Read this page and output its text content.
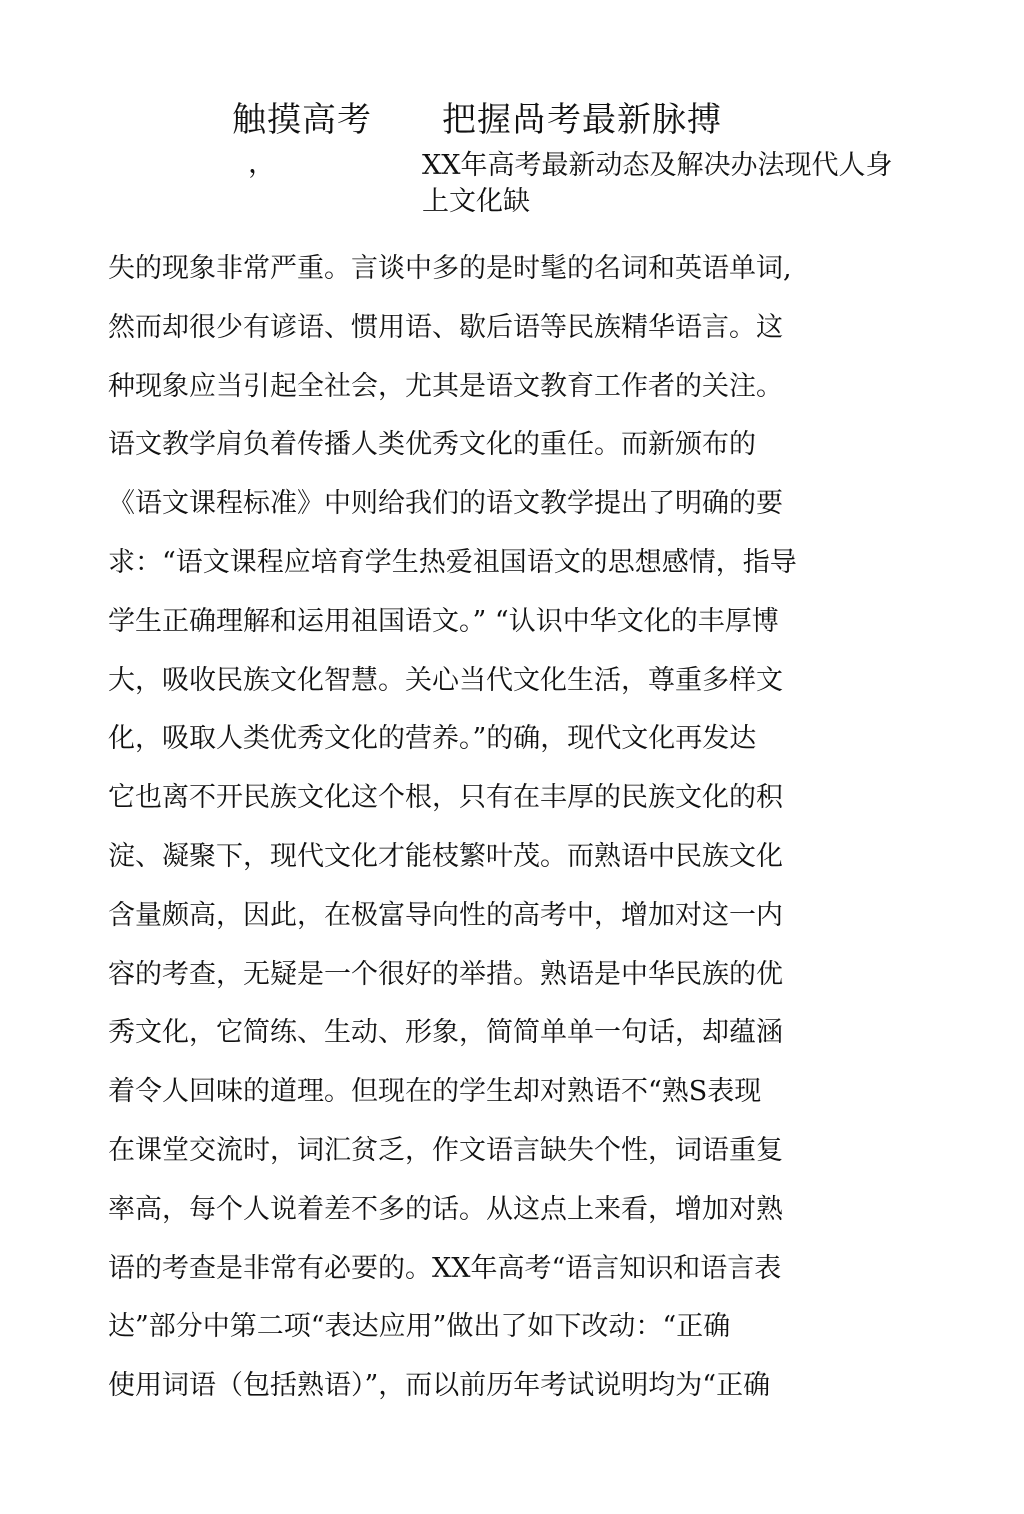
触摸高考 把握咼考最新脉搏
，	XX年高考最新动态及解决办法现代人身上文化缺
失的现象非常严重。言谈中多的是时髦的名词和英语单词,
然而却很少有谚语、惯用语、歇后语等民族精华语言。这
种现象应当引起全社会，尤其是语文教育工作者的关注。
语文教学肩负着传播人类优秀文化的重任。而新颁布的
《语文课程标准》中则给我们的语文教学提出了明确的要
求：“语文课程应培育学生热爱祖国语文的思想感情，指导
学生正确理解和运用祖国语文。” “认识中华文化的丰厚博
大，吸收民族文化智慧。关心当代文化生活，尊重多样文
化，吸取人类优秀文化的营养。”的确，现代文化再发达
它也离不开民族文化这个根，只有在丰厚的民族文化的积
淀、凝聚下，现代文化才能枝繁叶茂。而熟语中民族文化
含量颇高，因此，在极富导向性的高考中，增加对这一内
容的考查，无疑是一个很好的举措。熟语是中华民族的优
秀文化，它简练、生动、形象，简简单单一句话，却蕴涵
着令人回味的道理。但现在的学生却对熟语不“熟S表现
在课堂交流时，词汇贫乏，作文语言缺失个性，词语重复
率高，每个人说着差不多的话。从这点上来看，增加对熟
语的考查是非常有必要的。XX年高考“语言知识和语言表
达”部分中第二项“表达应用”做出了如下改动：“正确
使用词语（包括熟语）”，而以前历年考试说明均为“正确
